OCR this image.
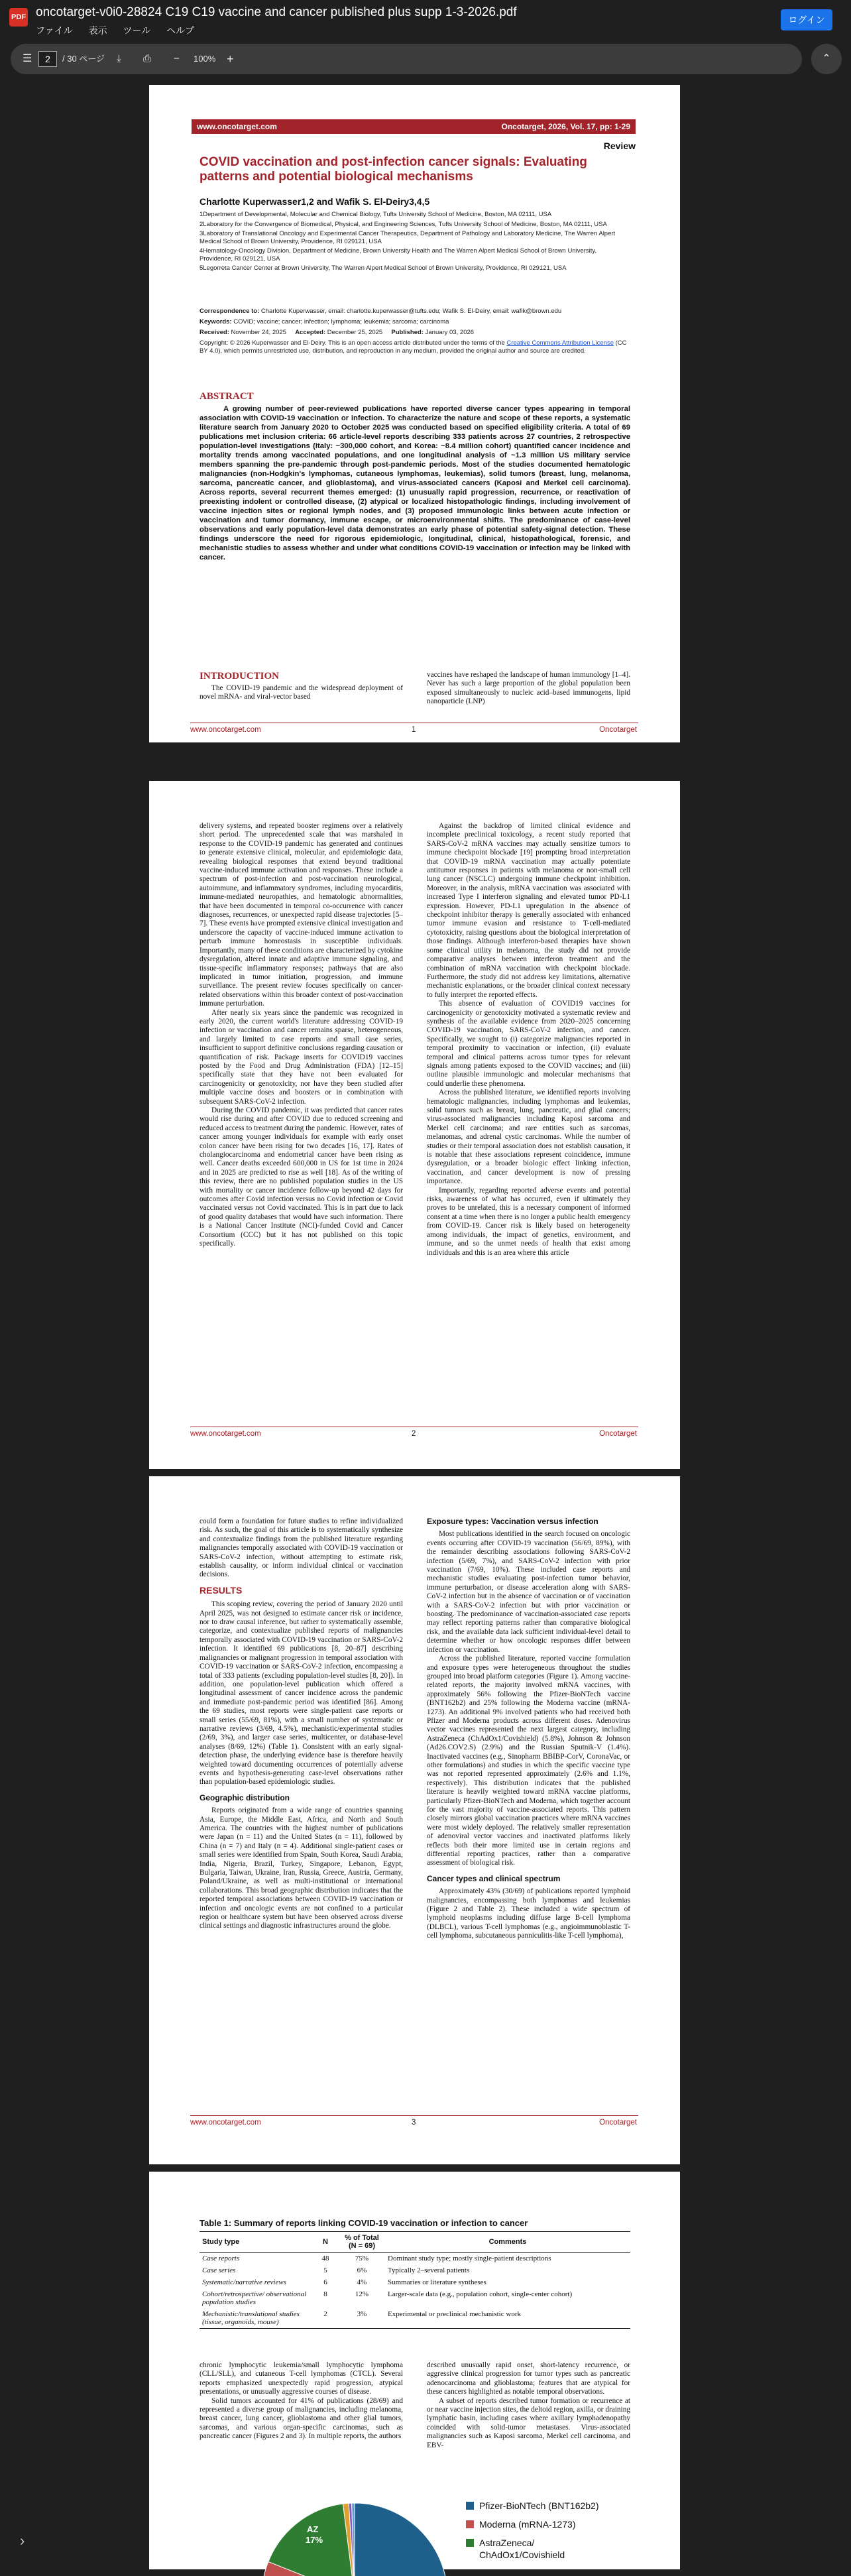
PDF oncotarget-v0i0-28824 C19 C19 vaccine and cancer published plus supp 1-3-2026.pdf
ファイル 表示 ツール ヘルプ
ログイン
☰	2	/ 30 ページ ⤓ ⎙ − 100% +	⌃
www.oncotarget.com	Oncotarget, 2026, Vol. 17, pp: 1-29
Review
COVID vaccination and post-infection cancer signals: Evaluating patterns and potential biological mechanisms
Charlotte Kuperwasser1,2 and Wafik S. El-Deiry3,4,5

1Department of Developmental, Molecular and Chemical Biology, Tufts University School of Medicine, Boston, MA 02111, USA

2Laboratory for the Convergence of Biomedical, Physical, and Engineering Sciences, Tufts University School of Medicine, Boston, MA 02111, USA

3Laboratory of Translational Oncology and Experimental Cancer Therapeutics, Department of Pathology and Laboratory Medicine, The Warren Alpert Medical School of Brown University, Providence, RI 029121, USA

4Hematology-Oncology Division, Department of Medicine, Brown University Health and The Warren Alpert Medical School of Brown University, Providence, RI 029121, USA

5Legorreta Cancer Center at Brown University, The Warren Alpert Medical School of Brown University, Providence, RI 029121, USA

Correspondence to: Charlotte Kuperwasser, email: charlotte.kuperwasser@tufts.edu; Wafik S. El-Deiry, email: wafik@brown.edu

Keywords: COVID; vaccine; cancer; infection; lymphoma; leukemia; sarcoma; carcinoma

Received: November 24, 2025 Accepted: December 25, 2025 Published: January 03, 2026

Copyright: © 2026 Kuperwasser and El-Deiry. This is an open access article distributed under the terms of the Creative Commons Attribution License (CC BY 4.0), which permits unrestricted use, distribution, and reproduction in any medium, provided the original author and source are credited.

ABSTRACT
A growing number of peer-reviewed publications have reported diverse cancer types appearing in temporal association with COVID-19 vaccination or infection. To characterize the nature and scope of these reports, a systematic literature search from January 2020 to October 2025 was conducted based on specified eligibility criteria. A total of 69 publications met inclusion criteria: 66 article-level reports describing 333 patients across 27 countries, 2 retrospective population-level investigations (Italy: ~300,000 cohort, and Korea: ~8.4 million cohort) quantified cancer incidence and mortality trends among vaccinated populations, and one longitudinal analysis of ~1.3 million US military service members spanning the pre-pandemic through post-pandemic periods. Most of the studies documented hematologic malignancies (non-Hodgkin's lymphomas, cutaneous lymphomas, leukemias), solid tumors (breast, lung, melanoma, sarcoma, pancreatic cancer, and glioblastoma), and virus-associated cancers (Kaposi and Merkel cell carcinoma). Across reports, several recurrent themes emerged: (1) unusually rapid progression, recurrence, or reactivation of preexisting indolent or controlled disease, (2) atypical or localized histopathologic findings, including involvement of vaccine injection sites or regional lymph nodes, and (3) proposed immunologic links between acute infection or vaccination and tumor dormancy, immune escape, or microenvironmental shifts. The predominance of case-level observations and early population-level data demonstrates an early phase of potential safety-signal detection. These findings underscore the need for rigorous epidemiologic, longitudinal, clinical, histopathological, forensic, and mechanistic studies to assess whether and under what conditions COVID-19 vaccination or infection may be linked with cancer.
INTRODUCTION

The COVID-19 pandemic and the widespread deployment of novel mRNA- and viral-vector based

vaccines have reshaped the landscape of human immunology [1–4]. Never has such a large proportion of the global population been exposed simultaneously to nucleic acid–based immunogens, lipid nanoparticle (LNP)

www.oncotarget.com	1	Oncotarget

delivery systems, and repeated booster regimens over a relatively short period. The unprecedented scale that was marshaled in response to the COVID-19 pandemic has generated and continues to generate extensive clinical, molecular, and epidemiologic data, revealing biological responses that extend beyond traditional vaccine-induced immune activation and responses. These include a spectrum of post-infection and post-vaccination neurological, autoimmune, and inflammatory syndromes, including myocarditis, immune-mediated neuropathies, and hematologic abnormalities, that have been documented in temporal co-occurrence with cancer diagnoses, recurrences, or unexpected rapid disease trajectories [5–7]. These events have prompted extensive clinical investigation and underscore the capacity of vaccine-induced immune activation to perturb immune homeostasis in susceptible individuals. Importantly, many of these conditions are characterized by cytokine dysregulation, altered innate and adaptive immune signaling, and tissue-specific inflammatory responses; pathways that are also implicated in tumor initiation, progression, and immune surveillance. The present review focuses specifically on cancer-related observations within this broader context of post-vaccination immune perturbation.

After nearly six years since the pandemic was recognized in early 2020, the current world's literature addressing COVID-19 infection or vaccination and cancer remains sparse, heterogeneous, and largely limited to case reports and small case series, insufficient to support definitive conclusions regarding causation or quantification of risk. Package inserts for COVID19 vaccines posted by the Food and Drug Administration (FDA) [12–15] specifically state that they have not been evaluated for carcinogenicity or genotoxicity, nor have they been studied after multiple vaccine doses and boosters or in combination with subsequent SARS-CoV-2 infection.

During the COVID pandemic, it was predicted that cancer rates would rise during and after COVID due to reduced screening and reduced access to treatment during the pandemic. However, rates of cancer among younger individuals for example with early onset colon cancer have been rising for two decades [16, 17]. Rates of cholangiocarcinoma and endometrial cancer have been rising as well. Cancer deaths exceeded 600,000 in US for 1st time in 2024 and in 2025 are predicted to rise as well [18]. As of the writing of this review, there are no published population studies in the US with mortality or cancer incidence follow-up beyond 42 days for outcomes after Covid infection versus no Covid infection or Covid vaccinated versus not Covid vaccinated. This is in part due to lack of good quality databases that would have such information. There is a National Cancer Institute (NCI)-funded Covid and Cancer Consortium (CCC) but it has not published on this topic specifically.

Against the backdrop of limited clinical evidence and incomplete preclinical toxicology, a recent study reported that SARS-CoV-2 mRNA vaccines may actually sensitize tumors to immune checkpoint blockade [19] prompting broad interpretation that COVID-19 mRNA vaccination may actually potentiate antitumor responses in patients with melanoma or non-small cell lung cancer (NSCLC) undergoing immune checkpoint inhibition. Moreover, in the analysis, mRNA vaccination was associated with increased Type I interferon signaling and elevated tumor PD-L1 expression. However, PD-L1 upregulation in the absence of checkpoint inhibitor therapy is generally associated with enhanced tumor immune evasion and resistance to T-cell-mediated cytotoxicity, raising questions about the biological interpretation of those findings. Although interferon-based therapies have shown some clinical utility in melanoma, the study did not provide comparative analyses between interferon treatment and the combination of mRNA vaccination with checkpoint blockade. Furthermore, the study did not address key limitations, alternative mechanistic explanations, or the broader clinical context necessary to fully interpret the reported effects.

This absence of evaluation of COVID19 vaccines for carcinogenicity or genotoxicity motivated a systematic review and synthesis of the available evidence from 2020–2025 concerning COVID-19 vaccination, SARS-CoV-2 infection, and cancer. Specifically, we sought to (i) categorize malignancies reported in temporal proximity to vaccination or infection, (ii) evaluate temporal and clinical patterns across tumor types for relevant signals among patients exposed to the COVID vaccines; and (iii) outline plausible immunologic and molecular mechanisms that could underlie these phenomena.

Across the published literature, we identified reports involving hematologic malignancies, including lymphomas and leukemias, solid tumors such as breast, lung, pancreatic, and glial cancers; virus-associated malignancies including Kaposi sarcoma and Merkel cell carcinoma; and rare entities such as sarcomas, melanomas, and adrenal cystic carcinomas. While the number of studies or their temporal association does not establish causation, it is notable that these associations represent coincidence, immune dysregulation, or a broader biologic effect linking infection, vaccination, and cancer development is now of pressing importance.

Importantly, regarding reported adverse events and potential risks, awareness of what has occurred, even if ultimately they proves to be unrelated, this is a necessary component of informed consent at a time when there is no longer a public health emergency from COVID-19. Cancer risk is likely based on heterogeneity among individuals, the impact of genetics, environment, and immune, and so the unmet needs of health that exist among individuals and this is an area where this article

www.oncotarget.com	2	Oncotarget

could form a foundation for future studies to refine individualized risk. As such, the goal of this article is to systematically synthesize and contextualize findings from the published literature regarding malignancies temporally associated with COVID-19 vaccination or SARS-CoV-2 infection, without attempting to estimate risk, establish causality, or inform individual clinical or vaccination decisions.

RESULTS

This scoping review, covering the period of January 2020 until April 2025, was not designed to estimate cancer risk or incidence, nor to draw causal inference, but rather to systematically assemble, categorize, and contextualize published reports of malignancies temporally associated with COVID-19 vaccination or SARS-CoV-2 infection. It identified 69 publications [8, 20–87] describing malignancies or malignant progression in temporal association with COVID-19 vaccination or SARS-CoV-2 infection, encompassing a total of 333 patients (excluding population-level studies [8, 20]). In addition, one population-level publication which offered a longitudinal assessment of cancer incidence across the pandemic and immediate post-pandemic period was identified [86]. Among the 69 studies, most reports were single-patient case reports or small series (55/69, 81%), with a small number of systematic or narrative reviews (3/69, 4.5%), mechanistic/experimental studies (2/69, 3%), and larger case series, multicenter, or database-level analyses (8/69, 12%) (Table 1). Consistent with an early signal-detection phase, the underlying evidence base is therefore heavily weighted toward documenting occurrences of potentially adverse events and hypothesis-generating case-level observations rather than population-based epidemiologic studies.

Geographic distribution

Reports originated from a wide range of countries spanning Asia, Europe, the Middle East, Africa, and North and South America. The countries with the highest number of publications were Japan (n = 11) and the United States (n = 11), followed by China (n = 7) and Italy (n = 4). Additional single-patient cases or small series were identified from Spain, South Korea, Saudi Arabia, India, Nigeria, Brazil, Turkey, Singapore, Lebanon, Egypt, Bulgaria, Taiwan, Ukraine, Iran, Russia, Greece, Austria, Germany, Poland/Ukraine, as well as multi-institutional or international collaborations. This broad geographic distribution indicates that the reported temporal associations between COVID-19 vaccination or infection and oncologic events are not confined to a particular region or healthcare system but have been observed across diverse clinical settings and diagnostic infrastructures around the globe.

Exposure types: Vaccination versus infection

Most publications identified in the search focused on oncologic events occurring after COVID-19 vaccination (56/69, 89%), with the remainder describing associations following SARS-CoV-2 infection (5/69, 7%), and SARS-CoV-2 infection with prior vaccination (7/69, 10%). These included case reports and mechanistic studies evaluating post-infection tumor behavior, immune perturbation, or disease acceleration along with SARS-CoV-2 infection but in the absence of vaccination or of vaccination with a SARS-CoV-2 infection but with prior vaccination or boosting. The predominance of vaccination-associated case reports may reflect reporting patterns rather than comparative biological risk, and the available data lack sufficient individual-level detail to determine whether or how oncologic responses differ between infection or vaccination.

Across the published literature, reported vaccine formulation and exposure types were heterogeneous throughout the studies grouped into broad platform categories (Figure 1). Among vaccine-related reports, the majority involved mRNA vaccines, with approximately 56% following the Pfizer-BioNTech vaccine (BNT162b2) and 25% following the Moderna vaccine (mRNA-1273). An additional 9% involved patients who had received both Pfizer and Moderna products across different doses. Adenovirus vector vaccines represented the next largest category, including AstraZeneca (ChAdOx1/Covishield) (5.8%), Johnson & Johnson (Ad26.COV2.S) (2.9%) and the Russian Sputnik-V (1.4%). Inactivated vaccines (e.g., Sinopharm BBIBP-CorV, CoronaVac, or other formulations) and studies in which the specific vaccine type was not reported represented approximately (2.6% and 1.1%, respectively). This distribution indicates that the published literature is heavily weighted toward mRNA vaccine platforms, particularly Pfizer-BioNTech and Moderna, which together account for the vast majority of vaccine-associated reports. This pattern closely mirrors global vaccination practices where mRNA vaccines were most widely deployed. The relatively smaller representation of adenoviral vector vaccines and inactivated platforms likely reflects both their more limited use in certain regions and differential reporting practices, rather than a comparative assessment of biological risk.

Cancer types and clinical spectrum

Approximately 43% (30/69) of publications reported lymphoid malignancies, encompassing both lymphomas and leukemias (Figure 2 and Table 2). These included a wide spectrum of lymphoid neoplasms including diffuse large B-cell lymphoma (DLBCL), various T-cell lymphomas (e.g., angioimmunoblastic T-cell lymphoma, subcutaneous panniculitis-like T-cell lymphoma),

www.oncotarget.com	3	Oncotarget
Table 1: Summary of reports linking COVID-19 vaccination or infection to cancer
Study type	N	% of Total (N = 69)	Comments
Case reports	48	75%	Dominant study type; mostly single-patient descriptions
Case series	5	6%	Typically 2–several patients
Systematic/narrative reviews	6	4%	Summaries or literature syntheses
Cohort/retrospective/ observational population studies	8	12%	Larger-scale data (e.g., population cohort, single-center cohort)
Mechanistic/translational studies (tissue, organoids, mouse)	2	3%	Experimental or preclinical mechanistic work

chronic lymphocytic leukemia/small lymphocytic lymphoma (CLL/SLL), and cutaneous T-cell lymphomas (CTCL). Several reports emphasized unexpectedly rapid progression, atypical presentations, or unusually aggressive courses of disease.

Solid tumors accounted for 41% of publications (28/69) and represented a diverse group of malignancies, including melanoma, breast cancer, lung cancer, glioblastoma and other glial tumors, sarcomas, and various organ-specific carcinomas, such as pancreatic cancer (Figures 2 and 3). In multiple reports, the authors

described unusually rapid onset, short-latency recurrence, or aggressive clinical progression for tumor types such as pancreatic adenocarcinoma and glioblastoma; features that are atypical for these cancers highlighted as notable temporal observations.

A subset of reports described tumor formation or recurrence at or near vaccine injection sites, the deltoid region, axilla, or draining lymphatic basin, including cases where axillary lymphadenopathy coincided with solid-tumor metastases. Virus-associated malignancies such as Kaposi sarcoma, Merkel cell carcinoma, and EBV-

AZ
17%
Pfizer-BioNTech (BNT162b2)
Moderna (mRNA-1273)
AstraZeneca/
ChAdOx1/Covishield
›
